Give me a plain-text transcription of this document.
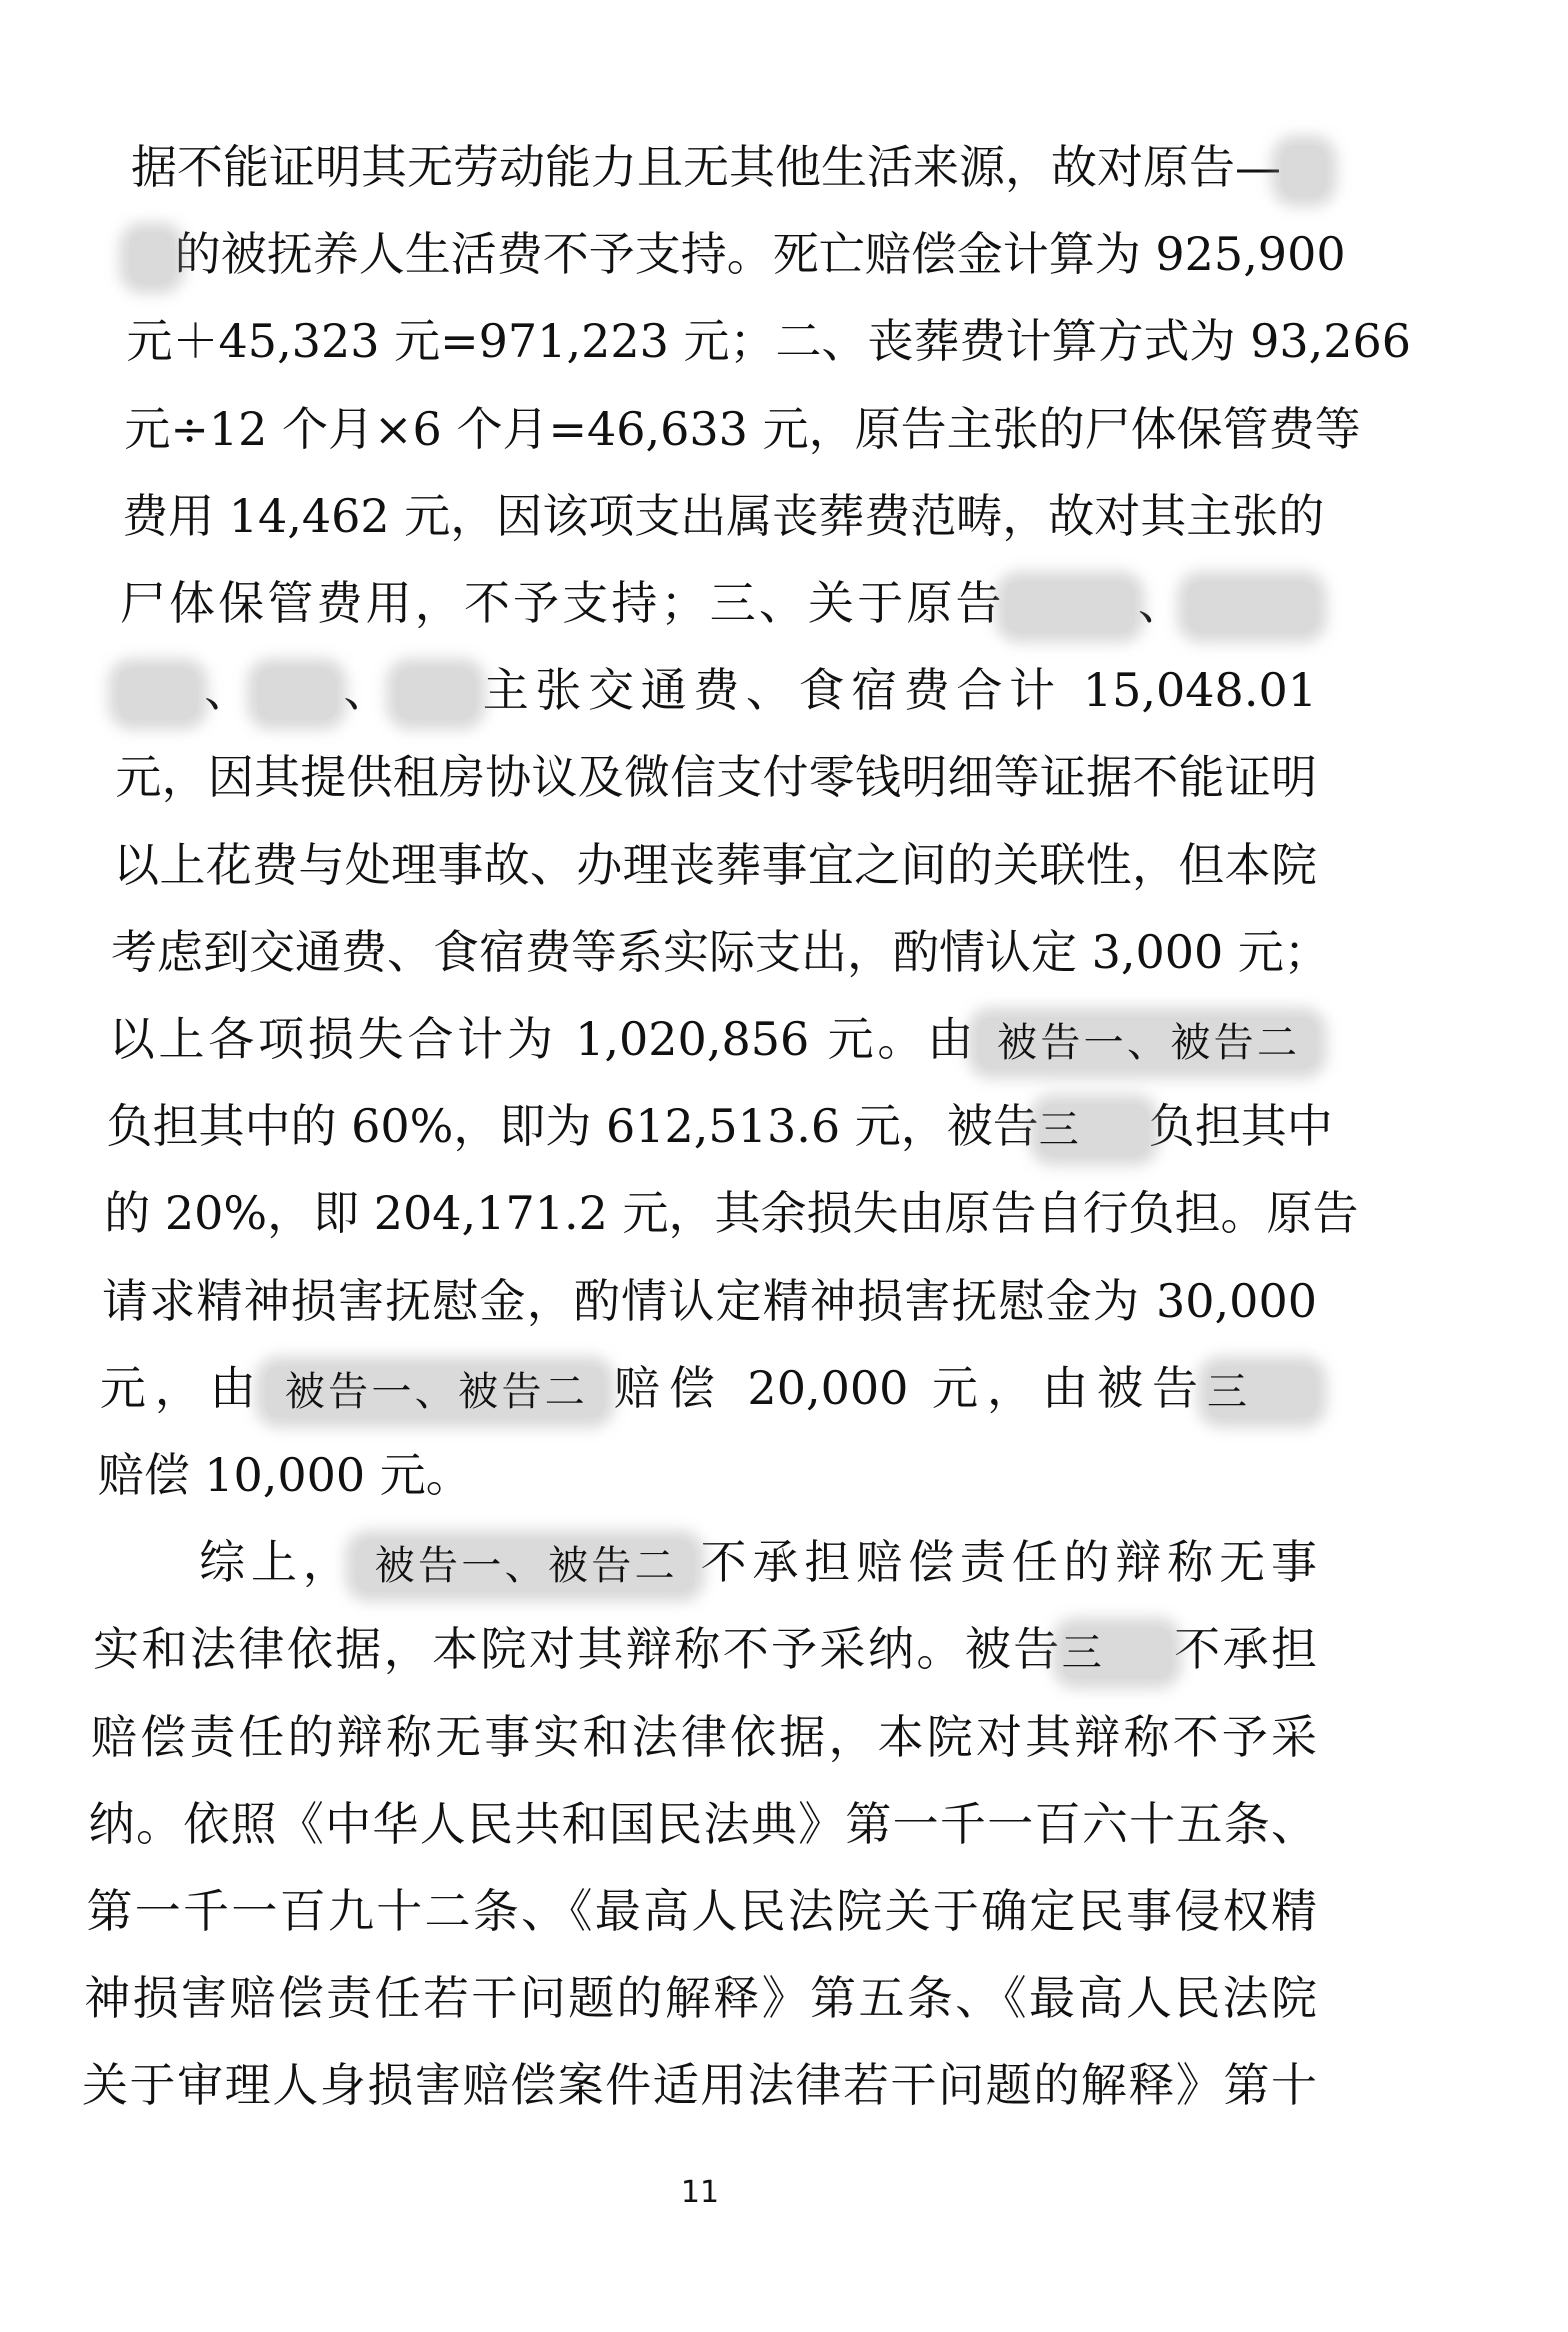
据不能证明其无劳动能力且无其他生活来源，故对原告—
的被抚养人生活费不予支持。死亡赔偿金计算为 925,900
元＋45,323 元=971,223 元；二、丧葬费计算方式为 93,266
元÷12 个月×6 个月=46,633 元，原告主张的尸体保管费等
费用 14,462 元，因该项支出属丧葬费范畴，故对其主张的
尸体保管费用，不予支持；三、关于原告	、
、 、 主张交通费、食宿费合计 15,048.01
元，因其提供租房协议及微信支付零钱明细等证据不能证明
以上花费与处理事故、办理丧葬事宜之间的关联性，但本院
考虑到交通费、食宿费等系实际支出，酌情认定 3,000 元；
以上各项损失合计为 1,020,856 元。由 被告一、被告二
负担其中的 60%，即为 612,513.6 元，被告三 负担其中
的 20%，即 204,171.2 元，其余损失由原告自行负担。原告
请求精神损害抚慰金，酌情认定精神损害抚慰金为 30,000
元，由 被告一、被告二 赔偿 20,000 元，由被告三
赔偿 10,000 元。
　　综上， 被告一、被告二 不承担赔偿责任的辩称无事
实和法律依据，本院对其辩称不予采纳。被告三 不承担
赔偿责任的辩称无事实和法律依据，本院对其辩称不予采
纳。依照《中华人民共和国民法典》第一千一百六十五条、
第一千一百九十二条、《最高人民法院关于确定民事侵权精
神损害赔偿责任若干问题的解释》第五条、《最高人民法院
关于审理人身损害赔偿案件适用法律若干问题的解释》第十
11
